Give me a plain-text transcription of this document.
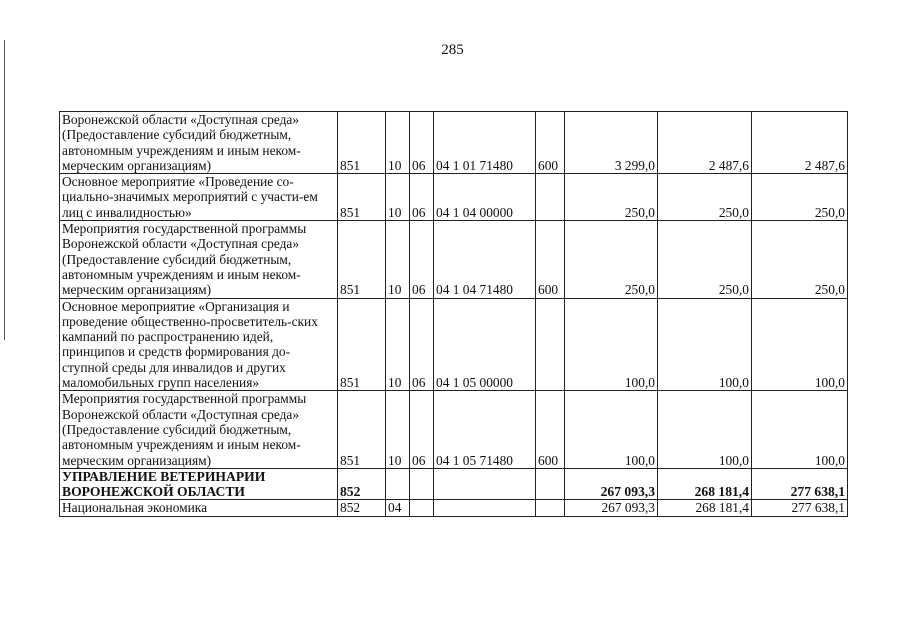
285
Воронежской области «Доступная среда» (Предоставление субсидий бюджетным, автономным учреждениям и иным неком-мерческим организациям)	851	10	06	04 1 01 71480	600	3 299,0	2 487,6	2 487,6
Основное мероприятие «Проведение со-циально-значимых мероприятий с участи-ем лиц с инвалидностью»	851	10	06	04 1 04 00000		250,0	250,0	250,0
Мероприятия государственной программы Воронежской области «Доступная среда» (Предоставление субсидий бюджетным, автономным учреждениям и иным неком-мерческим организациям)	851	10	06	04 1 04 71480	600	250,0	250,0	250,0
Основное мероприятие «Организация и проведение общественно-просветитель-ских кампаний по распространению идей, принципов и средств формирования до-ступной среды для инвалидов и других маломобильных групп населения»	851	10	06	04 1 05 00000		100,0	100,0	100,0
Мероприятия государственной программы Воронежской области «Доступная среда» (Предоставление субсидий бюджетным, автономным учреждениям и иным неком-мерческим организациям)	851	10	06	04 1 05 71480	600	100,0	100,0	100,0
УПРАВЛЕНИЕ ВЕТЕРИНАРИИ ВОРОНЕЖСКОЙ ОБЛАСТИ	852					267 093,3	268 181,4	277 638,1
Национальная экономика	852	04				267 093,3	268 181,4	277 638,1
